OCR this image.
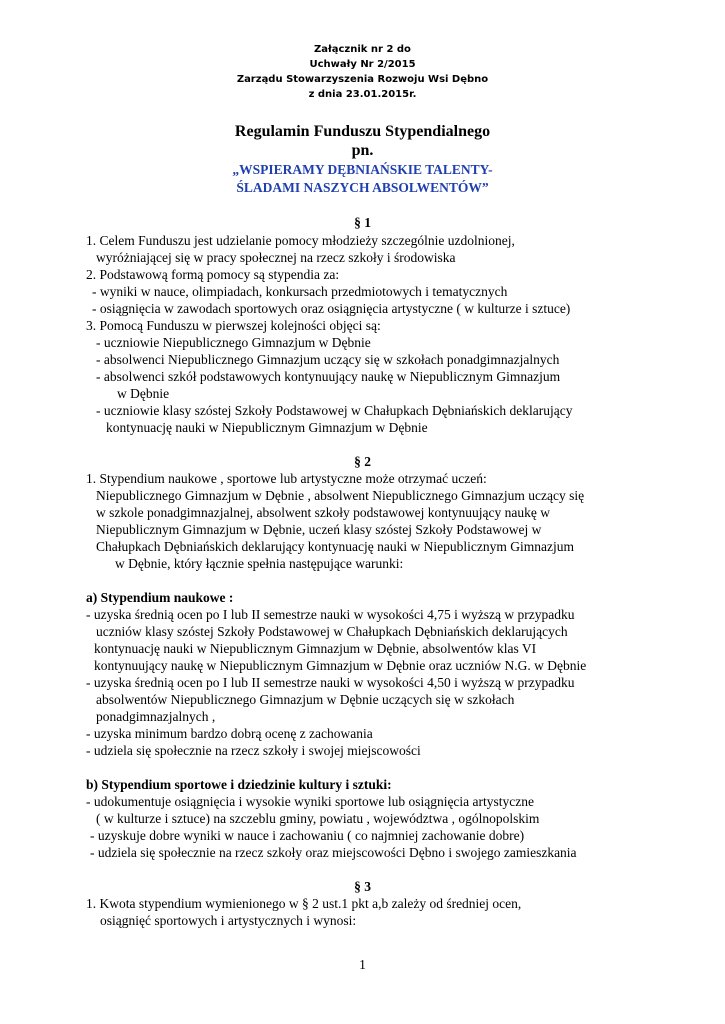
Załącznik nr 2 do
Uchwały Nr 2/2015
Zarządu Stowarzyszenia Rozwoju Wsi Dębno
z dnia 23.01.2015r.
Regulamin Funduszu Stypendialnego
pn.
„WSPIERAMY DĘBNIAŃSKIE TALENTY-
ŚLADAMI NASZYCH ABSOLWENTÓW”
§ 1
1. Celem Funduszu jest udzielanie pomocy młodzieży szczególnie uzdolnionej,
wyróżniającej się w pracy społecznej na rzecz szkoły i środowiska
2. Podstawową formą pomocy są stypendia za:
- wyniki w nauce, olimpiadach, konkursach przedmiotowych i tematycznych
- osiągnięcia w zawodach sportowych oraz osiągnięcia artystyczne ( w kulturze i sztuce)
3. Pomocą Funduszu w pierwszej kolejności objęci są:
- uczniowie Niepublicznego Gimnazjum w Dębnie
- absolwenci Niepublicznego Gimnazjum uczący się w szkołach ponadgimnazjalnych
- absolwenci szkół podstawowych kontynuujący naukę w Niepublicznym Gimnazjum
w Dębnie
- uczniowie klasy szóstej Szkoły Podstawowej w Chałupkach Dębniańskich deklarujący
kontynuację nauki w Niepublicznym Gimnazjum w Dębnie
§ 2
1. Stypendium naukowe , sportowe lub artystyczne może otrzymać uczeń:
Niepublicznego Gimnazjum w Dębnie , absolwent Niepublicznego Gimnazjum uczący się
w szkole ponadgimnazjalnej, absolwent szkoły podstawowej kontynuujący naukę w
Niepublicznym Gimnazjum w Dębnie, uczeń klasy szóstej Szkoły Podstawowej w
Chałupkach Dębniańskich deklarujący kontynuację nauki w Niepublicznym Gimnazjum
w Dębnie, który łącznie spełnia następujące warunki:
a) Stypendium naukowe :
- uzyska średnią ocen po I lub II semestrze nauki w wysokości 4,75 i wyższą w przypadku
uczniów klasy szóstej Szkoły Podstawowej w Chałupkach Dębniańskich deklarujących
kontynuację nauki w Niepublicznym Gimnazjum w Dębnie, absolwentów klas VI
kontynuujący naukę w Niepublicznym Gimnazjum w Dębnie oraz uczniów N.G. w Dębnie
- uzyska średnią ocen po I lub II semestrze nauki w wysokości 4,50 i wyższą w przypadku
absolwentów Niepublicznego Gimnazjum w Dębnie uczących się w szkołach
ponadgimnazjalnych ,
- uzyska minimum bardzo dobrą ocenę z zachowania
- udziela się społecznie na rzecz szkoły i swojej miejscowości
b) Stypendium sportowe i dziedzinie kultury i sztuki:
- udokumentuje osiągnięcia i wysokie wyniki sportowe lub osiągnięcia artystyczne
( w kulturze i sztuce) na szczeblu gminy, powiatu , województwa , ogólnopolskim
- uzyskuje dobre wyniki w nauce i zachowaniu ( co najmniej zachowanie dobre)
- udziela się społecznie na rzecz szkoły oraz miejscowości Dębno i swojego zamieszkania
§ 3
1. Kwota stypendium wymienionego w § 2 ust.1 pkt a,b zależy od średniej ocen,
osiągnięć sportowych i artystycznych i wynosi:
1
